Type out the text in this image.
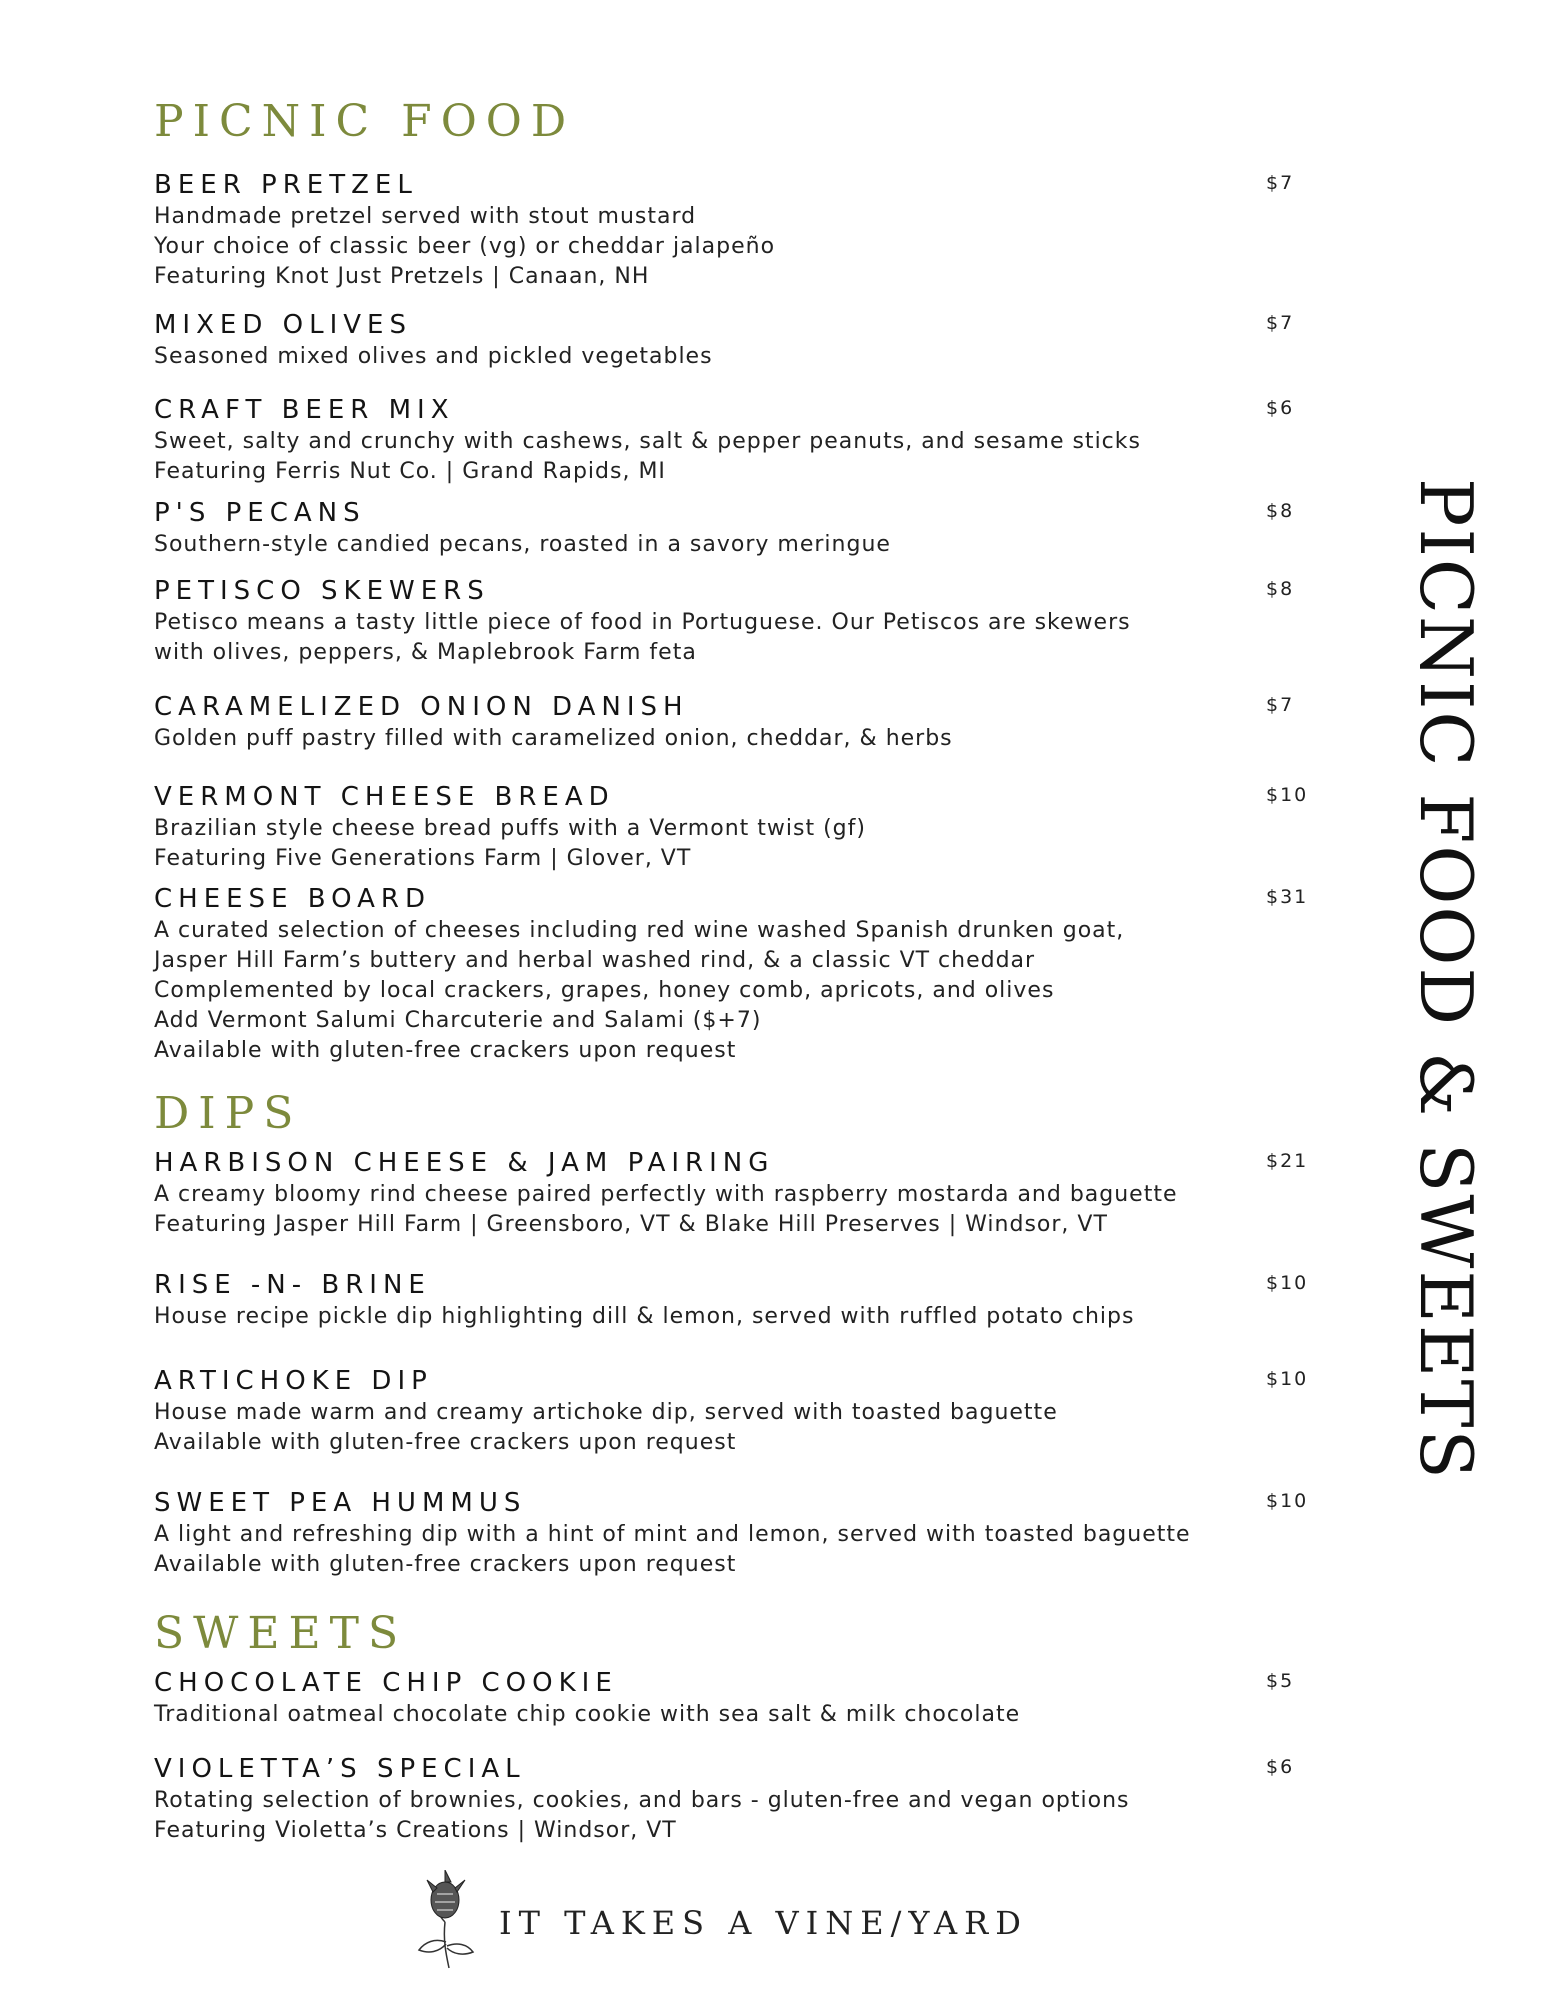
PICNIC FOOD
BEER PRETZEL	$7

Handmade pretzel served with stout mustard

Your choice of classic beer (vg) or cheddar jalapeño

Featuring Knot Just Pretzels | Canaan, NH

MIXED OLIVES	$7

Seasoned mixed olives and pickled vegetables

CRAFT BEER MIX	$6

Sweet, salty and crunchy with cashews, salt & pepper peanuts, and sesame sticks

Featuring Ferris Nut Co. | Grand Rapids, MI

P'S PECANS	$8

Southern-style candied pecans, roasted in a savory meringue

PETISCO SKEWERS	$8

Petisco means a tasty little piece of food in Portuguese. Our Petiscos are skewers

with olives, peppers, & Maplebrook Farm feta

CARAMELIZED ONION DANISH	$7

Golden puff pastry filled with caramelized onion, cheddar, & herbs

VERMONT CHEESE BREAD	$10

Brazilian style cheese bread puffs with a Vermont twist (gf)

Featuring Five Generations Farm | Glover, VT

CHEESE BOARD	$31

A curated selection of cheeses including red wine washed Spanish drunken goat,

Jasper Hill Farm’s buttery and herbal washed rind, & a classic VT cheddar

Complemented by local crackers, grapes, honey comb, apricots, and olives

Add Vermont Salumi Charcuterie and Salami ($+7)

Available with gluten-free crackers upon request

DIPS
HARBISON CHEESE & JAM PAIRING	$21

A creamy bloomy rind cheese paired perfectly with raspberry mostarda and baguette

Featuring Jasper Hill Farm | Greensboro, VT & Blake Hill Preserves | Windsor, VT

RISE -N- BRINE	$10

House recipe pickle dip highlighting dill & lemon, served with ruffled potato chips

ARTICHOKE DIP	$10

House made warm and creamy artichoke dip, served with toasted baguette

Available with gluten-free crackers upon request

SWEET PEA HUMMUS	$10

A light and refreshing dip with a hint of mint and lemon, served with toasted baguette

Available with gluten-free crackers upon request

SWEETS
CHOCOLATE CHIP COOKIE	$5

Traditional oatmeal chocolate chip cookie with sea salt & milk chocolate

VIOLETTA’S SPECIAL	$6

Rotating selection of brownies, cookies, and bars - gluten-free and vegan options

Featuring Violetta’s Creations | Windsor, VT

PICNIC FOOD & SWEETS
IT TAKES A VINE/YARD
